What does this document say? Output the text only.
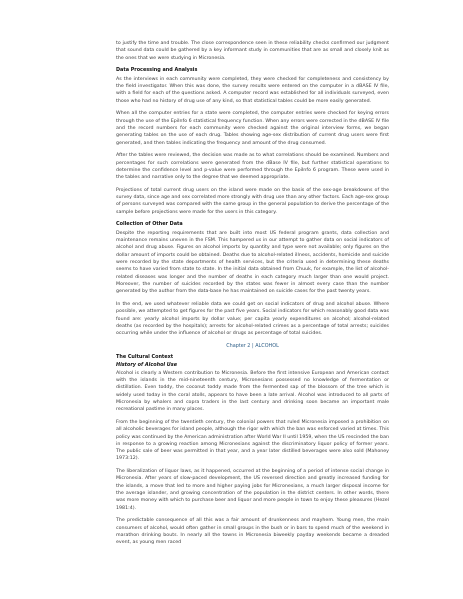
to justify the time and trouble. The close correspondence seen in these reliability checks confirmed our judgment that sound data could be gathered by a key informant study in communities that are as small and closely knit as the ones that we were studying in Micronesia.

Data Processing and Analysis

As the interviews in each community were completed, they were checked for completeness and consistency by the field investigator. When this was done, the survey results were entered on the computer in a dBASE IV file, with a field for each of the questions asked. A computer record was established for all individuals surveyed, even those who had no history of drug use of any kind, so that statistical tables could be more easily generated.

When all the computer entries for a state were completed, the computer entries were checked for keying errors through the use of the EpiInfo 6 statistical frequency function. When any errors were corrected in the dBASE IV file and the record numbers for each community were checked against the original interview forms, we began generating tables on the use of each drug. Tables showing age-sex distribution of current drug users were first generated, and then tables indicating the frequency and amount of the drug consumed.

After the tables were reviewed, the decision was made as to what correlations should be examined. Numbers and percentages for such correlations were generated from the dBase IV file, but further statistical operations to determine the confidence level and p-value were performed through the EpiInfo 6 program. These were used in the tables and narrative only to the degree that we deemed appropriate.

Projections of total current drug users on the island were made on the basis of the sex-age breakdowns of the survey data, since age and sex correlated more strongly with drug use than any other factors. Each age-sex group of persons surveyed was compared with the same group in the general population to derive the percentage of the sample before projections were made for the users in this category.

Collection of Other Data

Despite the reporting requirements that are built into most US federal program grants, data collection and maintenance remains uneven in the FSM. This hampered us in our attempt to gather data on social indicators of alcohol and drug abuse. Figures on alcohol imports by quantity and type were not available; only figures on the dollar amount of imports could be obtained. Deaths due to alcohol-related illness, accidents, homicide and suicide were recorded by the state departments of health services, but the criteria used in determining these deaths seems to have varied from state to state. In the initial data obtained from Chuuk, for example, the list of alcohol-related diseases was longer and the number of deaths in each category much larger than one would project. Moreover, the number of suicides recorded by the states was fewer in almost every case than the number generated by the author from the data-base he has maintained on suicide cases for the past twenty years.

In the end, we used whatever reliable data we could get on social indicators of drug and alcohol abuse. Where possible, we attempted to get figures for the past five years. Social indicators for which reasonably good data was found are: yearly alcohol imports by dollar value; per capita yearly expenditures on alcohol; alcohol-related deaths (as recorded by the hospitals); arrests for alcohol-related crimes as a percentage of total arrests; suicides occurring while under the influence of alcohol or drugs as percentage of total suicides.

Chapter 2 | ALCOHOL
The Cultural Context
History of Alcohol Use

Alcohol is clearly a Western contribution to Micronesia. Before the first intensive European and American contact with the islands in the mid-nineteenth century, Micronesians possessed no knowledge of fermentation or distillation. Even toddy, the coconut toddy made from the fermented sap of the blossom of the tree which is widely used today in the coral atolls, appears to have been a late arrival. Alcohol was introduced to all parts of Micronesia by whalers and copra traders in the last century and drinking soon became an important male recreational pastime in many places.

From the beginning of the twentieth century, the colonial powers that ruled Micronesia imposed a prohibition on all alcoholic beverages for island people, although the rigor with which the ban was enforced varied at times. This policy was continued by the American administration after World War II until 1959, when the US rescinded the ban in response to a growing reaction among Micronesians against the discriminatory liquor policy of former years. The public sale of beer was permitted in that year, and a year later distilled beverages were also sold (Mahoney 1973:12).

The liberalization of liquor laws, as it happened, occurred at the beginning of a period of intense social change in Micronesia. After years of slow-paced development, the US reversed direction and greatly increased funding for the islands, a move that led to more and higher paying jobs for Micronesians, a much larger disposal income for the average islander, and growing concentration of the population in the district centers. In other words, there was more money with which to purchase beer and liquor and more people in town to enjoy these pleasures (Hezel 1981:4).

The predictable consequence of all this was a fair amount of drunkenness and mayhem. Young men, the main consumers of alcohol, would often gather in small groups in the bush or in bars to spend much of the weekend in marathon drinking bouts. In nearly all the towns in Micronesia biweekly payday weekends became a dreaded event, as young men raced
